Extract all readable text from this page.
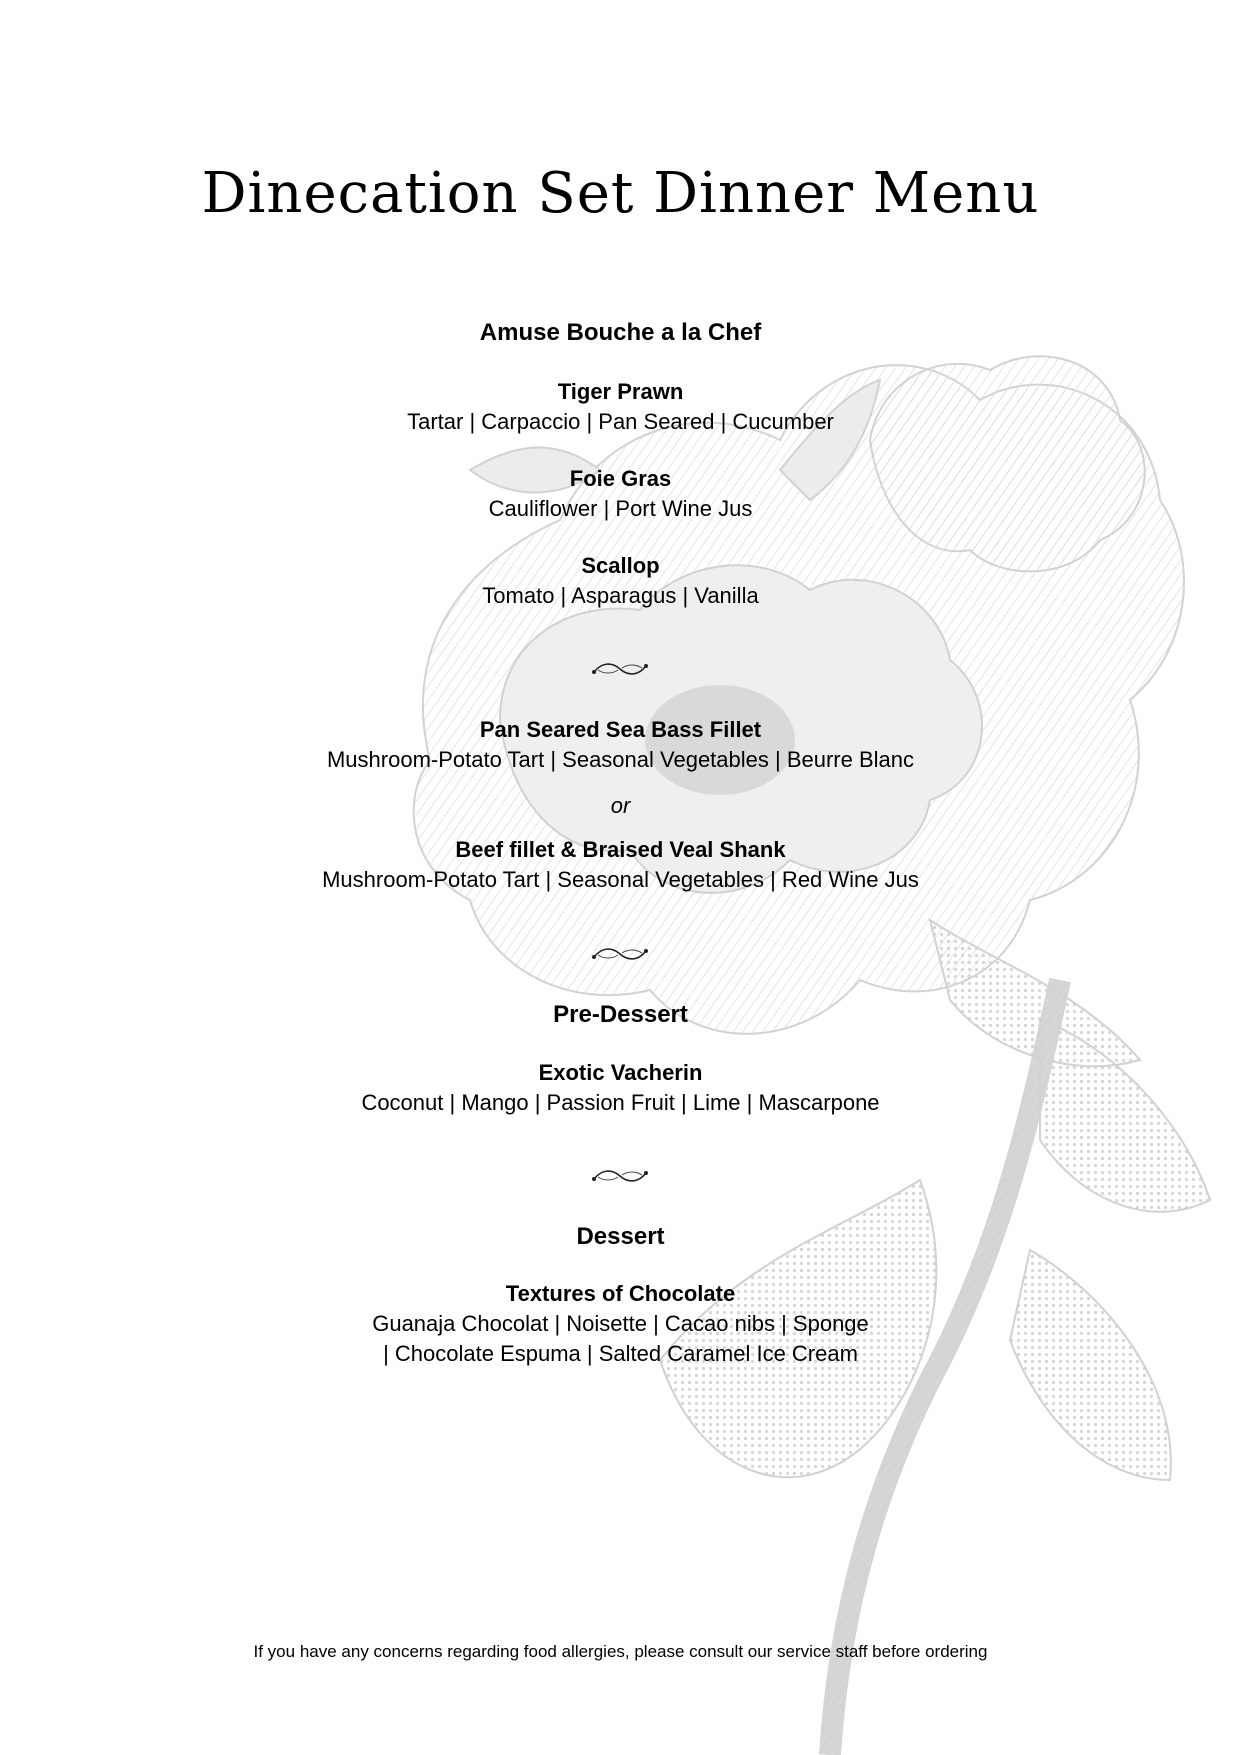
Dinecation Set Dinner Menu
Amuse Bouche a la Chef
Tiger Prawn
Tartar | Carpaccio | Pan Seared | Cucumber
Foie Gras
Cauliflower | Port Wine Jus
Scallop
Tomato | Asparagus | Vanilla
Pan Seared Sea Bass Fillet
Mushroom-Potato Tart | Seasonal Vegetables | Beurre Blanc
or
Beef fillet & Braised Veal Shank
Mushroom-Potato Tart | Seasonal Vegetables | Red Wine Jus
Pre-Dessert
Exotic Vacherin
Coconut | Mango | Passion Fruit | Lime | Mascarpone
Dessert
Textures of Chocolate
Guanaja Chocolat | Noisette | Cacao nibs | Sponge
| Chocolate Espuma | Salted Caramel Ice Cream
If you have any concerns regarding food allergies, please consult our service staff before ordering
